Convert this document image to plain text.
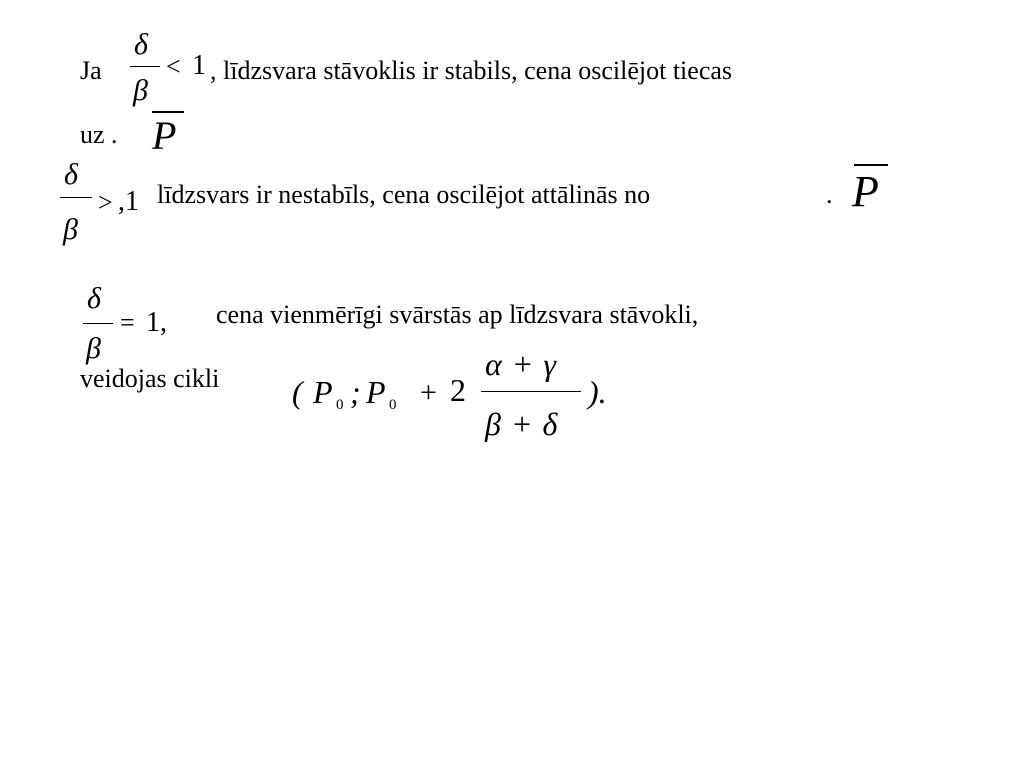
Ja
δ
β
< 1 , līdzsvara stāvoklis ir stabils, cena oscilējot tiecas
uz . P
δ
β
> ,1 līdzsvars ir nestabīls, cena oscilējot attālinās no	. P
δ
β
= 1, cena vienmērīgi svārstās ap līdzsvara stāvokli,
veidojas cikli ( P 0 ; P 0 + 2
α + γ
β + δ
).
